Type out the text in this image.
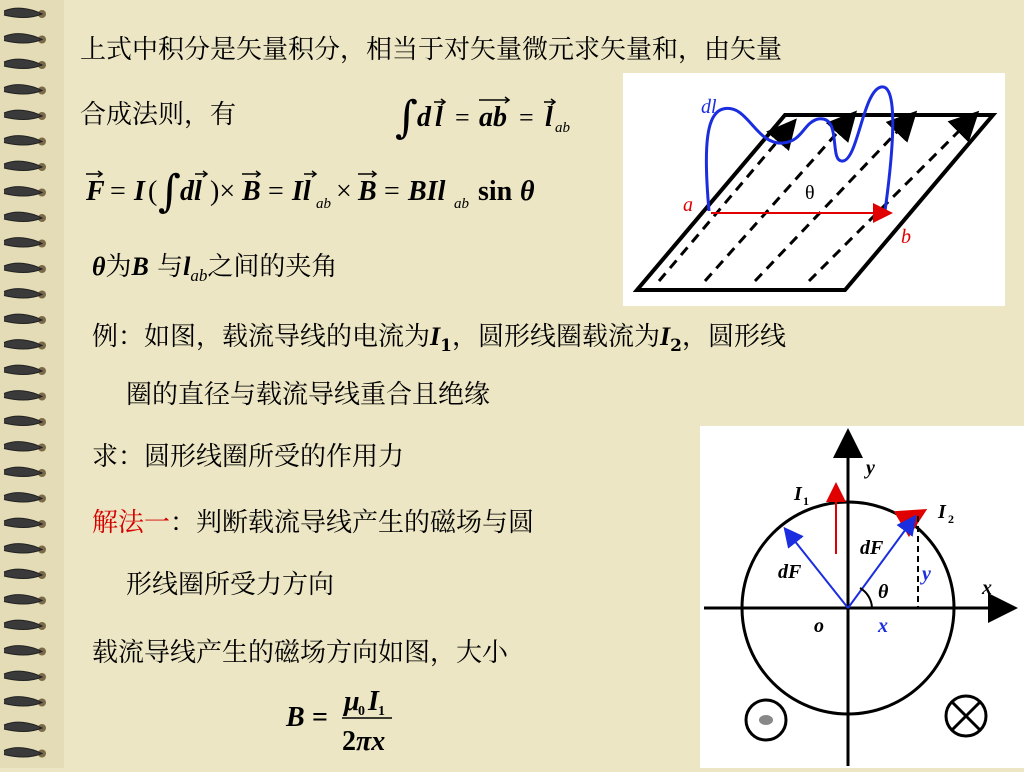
上式中积分是矢量积分，相当于对矢量微元求矢量和，由矢量
合成法则，有	∫ d l = ab = l ab
F = I ( ∫ dl )× B = Il ab × B = BIl ab sin θ
θ为B 与$l_{ab}$之间的夹角
例：如图，载流导线的电流为$I_1$，圆形线圈载流为$I_2$，圆形线
圈的直径与载流导线重合且绝缘
求：圆形线圈所受的作用力
解法一：判断载流导线产生的磁场与圆
形线圈所受力方向
载流导线产生的磁场方向如图，大小
B =
μ
0 I 1
2 πx
dl
a
b
θ
y
x
o
I 1	I 2
dF
dF
θ
y
x
